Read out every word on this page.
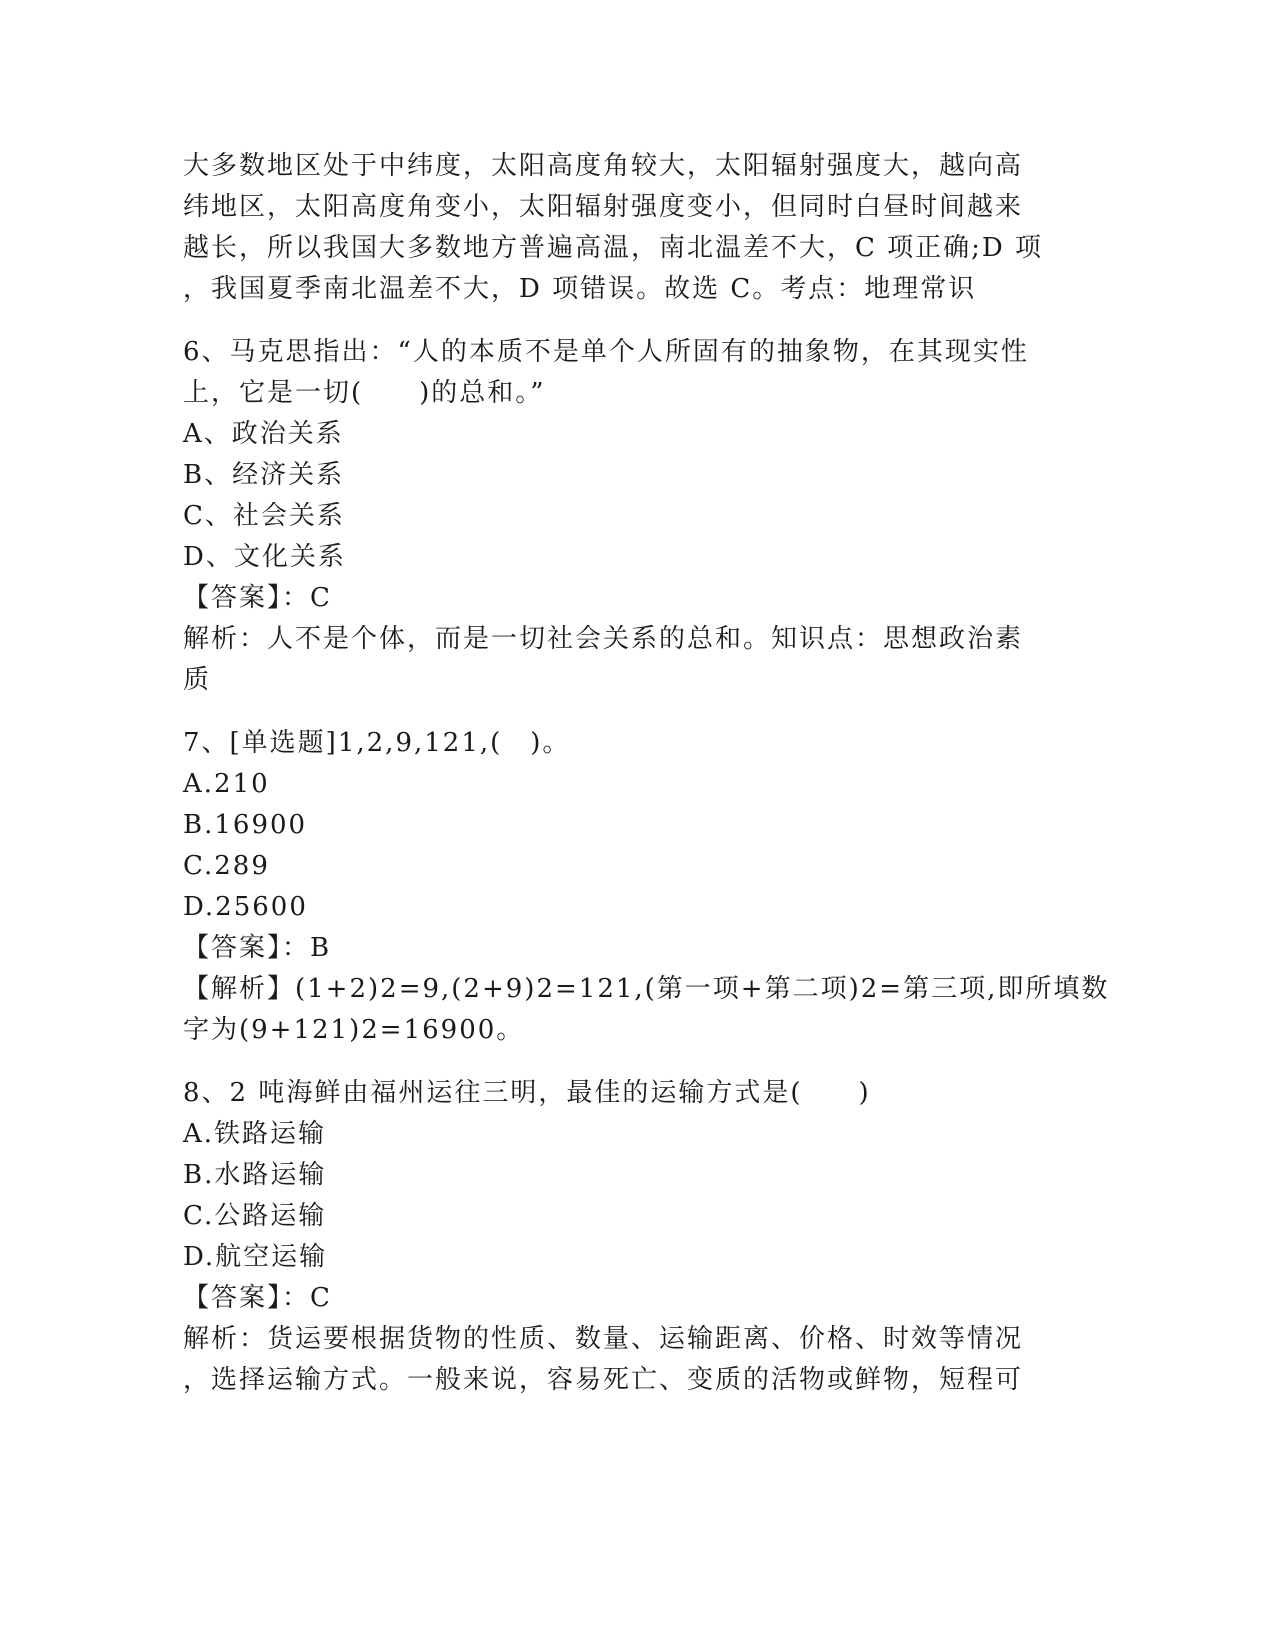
大多数地区处于中纬度，太阳高度角较大，太阳辐射强度大，越向高

纬地区，太阳高度角变小，太阳辐射强度变小，但同时白昼时间越来

越长，所以我国大多数地方普遍高温，南北温差不大，C 项正确;D 项

，我国夏季南北温差不大，D 项错误。故选 C。考点：地理常识

6、马克思指出：“人的本质不是单个人所固有的抽象物，在其现实性

上，它是一切(　　)的总和。”

A、政治关系

B、经济关系

C、社会关系

D、文化关系

【答案】：C

解析：人不是个体，而是一切社会关系的总和。知识点：思想政治素

质

7、[单选题]1,2,9,121,(　)。

A.210

B.16900

C.289

D.25600

【答案】：B

【解析】(1+2)2=9,(2+9)2=121,(第一项+第二项)2=第三项,即所填数

字为(9+121)2=16900。

8、2 吨海鲜由福州运往三明，最佳的运输方式是(　　)

A.铁路运输

B.水路运输

C.公路运输

D.航空运输

【答案】：C

解析：货运要根据货物的性质、数量、运输距离、价格、时效等情况

，选择运输方式。一般来说，容易死亡、变质的活物或鲜物，短程可
